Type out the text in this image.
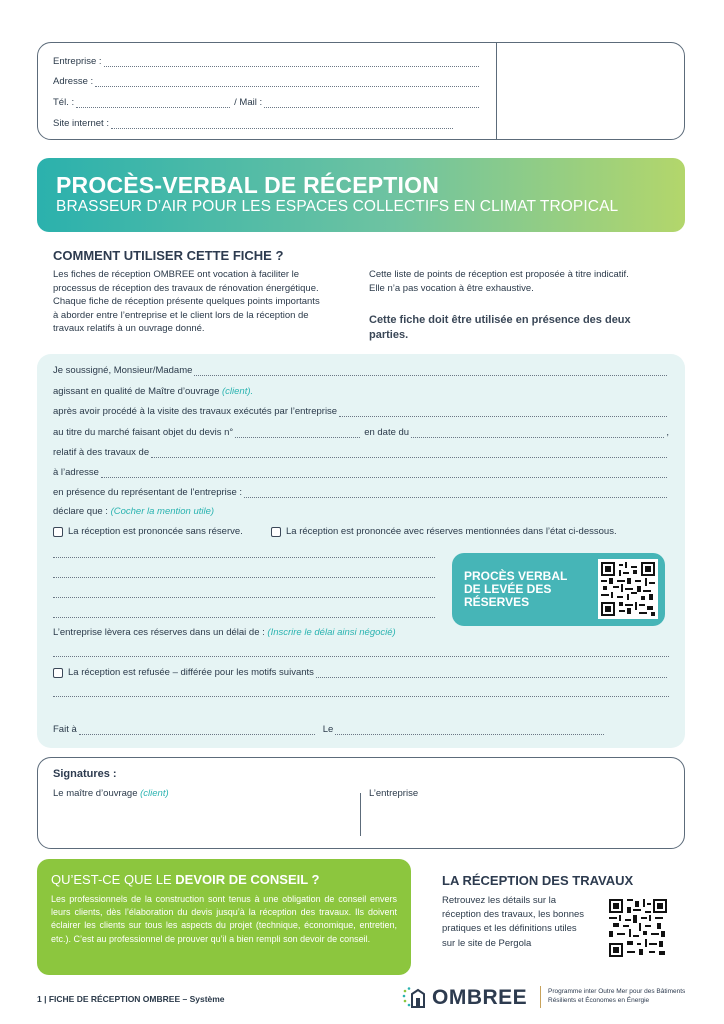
Entreprise :
Adresse :
Tél. :	/ Mail :
Site internet :
PROCÈS-VERBAL DE RÉCEPTION
BRASSEUR D’AIR POUR LES ESPACES COLLECTIFS EN CLIMAT TROPICAL
COMMENT UTILISER CETTE FICHE ?
Les fiches de réception OMBREE ont vocation à faciliter le
processus de réception des travaux de rénovation énergétique.
Chaque fiche de réception présente quelques points importants
à aborder entre l’entreprise et le client lors de la réception de
travaux relatifs à un ouvrage donné.
Cette liste de points de réception est proposée à titre indicatif.
Elle n’a pas vocation à être exhaustive.
Cette fiche doit être utilisée en présence des deux
parties.
Je soussigné, Monsieur/Madame
agissant en qualité de Maître d’ouvrage
(client).
après avoir procédé à la visite des travaux exécutés par l’entreprise
au titre du marché faisant objet du devis n°	en date du	,
relatif à des travaux de
à l’adresse
en présence du représentant de l’entreprise :
déclare que :
(Cocher la mention utile)
La réception est prononcée sans réserve.	La réception est prononcée avec réserves mentionnées dans l’état ci-dessous.
PROCÈS VERBAL
DE LEVÉE DES
RÉSERVES
L’entreprise lèvera ces réserves dans un délai de :
(Inscrire le délai ainsi négocié)
La réception est refusée – différée pour les motifs suivants
Fait à	Le
Signatures :
Le maître d’ouvrage
(client)	L’entreprise
QU’EST-CE QUE LE DEVOIR DE CONSEIL ?
Les professionnels de la construction sont tenus à une obligation de conseil envers leurs clients, dès l’élaboration du devis jusqu’à la réception des travaux. Ils doivent éclairer les clients sur tous les aspects du projet (technique, économique, entretien, etc.). C’est au professionnel de prouver qu’il a bien rempli son devoir de conseil.
LA RÉCEPTION DES TRAVAUX
Retrouvez les détails sur la
réception des travaux, les bonnes
pratiques et les définitions utiles
sur le site de Pergola
1 | FICHE DE RÉCEPTION OMBREE – Système	OMBREE	Programme inter Outre Mer pour des Bâtiments
Résilients et Économes en Énergie
